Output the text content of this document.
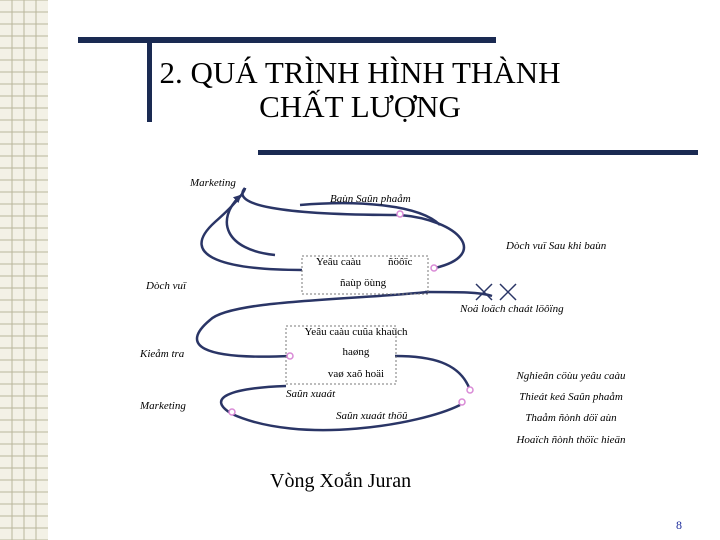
2. QUÁ TRÌNH HÌNH THÀNH
CHẤT LƯỢNG
Marketing
Baùn Saûn phaåm
Dòch vuï Sau khi baùn
Yeâu caàu ñöôïc
ñaùp öùng
Dòch vuï
Noä loäch chaát löôïng
Yeâu caàu cuûa khaùch
haøng
vaø xaõ hoäi
Kieåm tra
Marketing
Saûn xuaát
Saûn xuaát thöû
Nghieân cöùu yeâu caàu
Thieát keá Saûn phaåm
Thaåm ñònh döï aùn
Hoaïch ñònh thöïc hieän
Vòng Xoắn Juran
8
